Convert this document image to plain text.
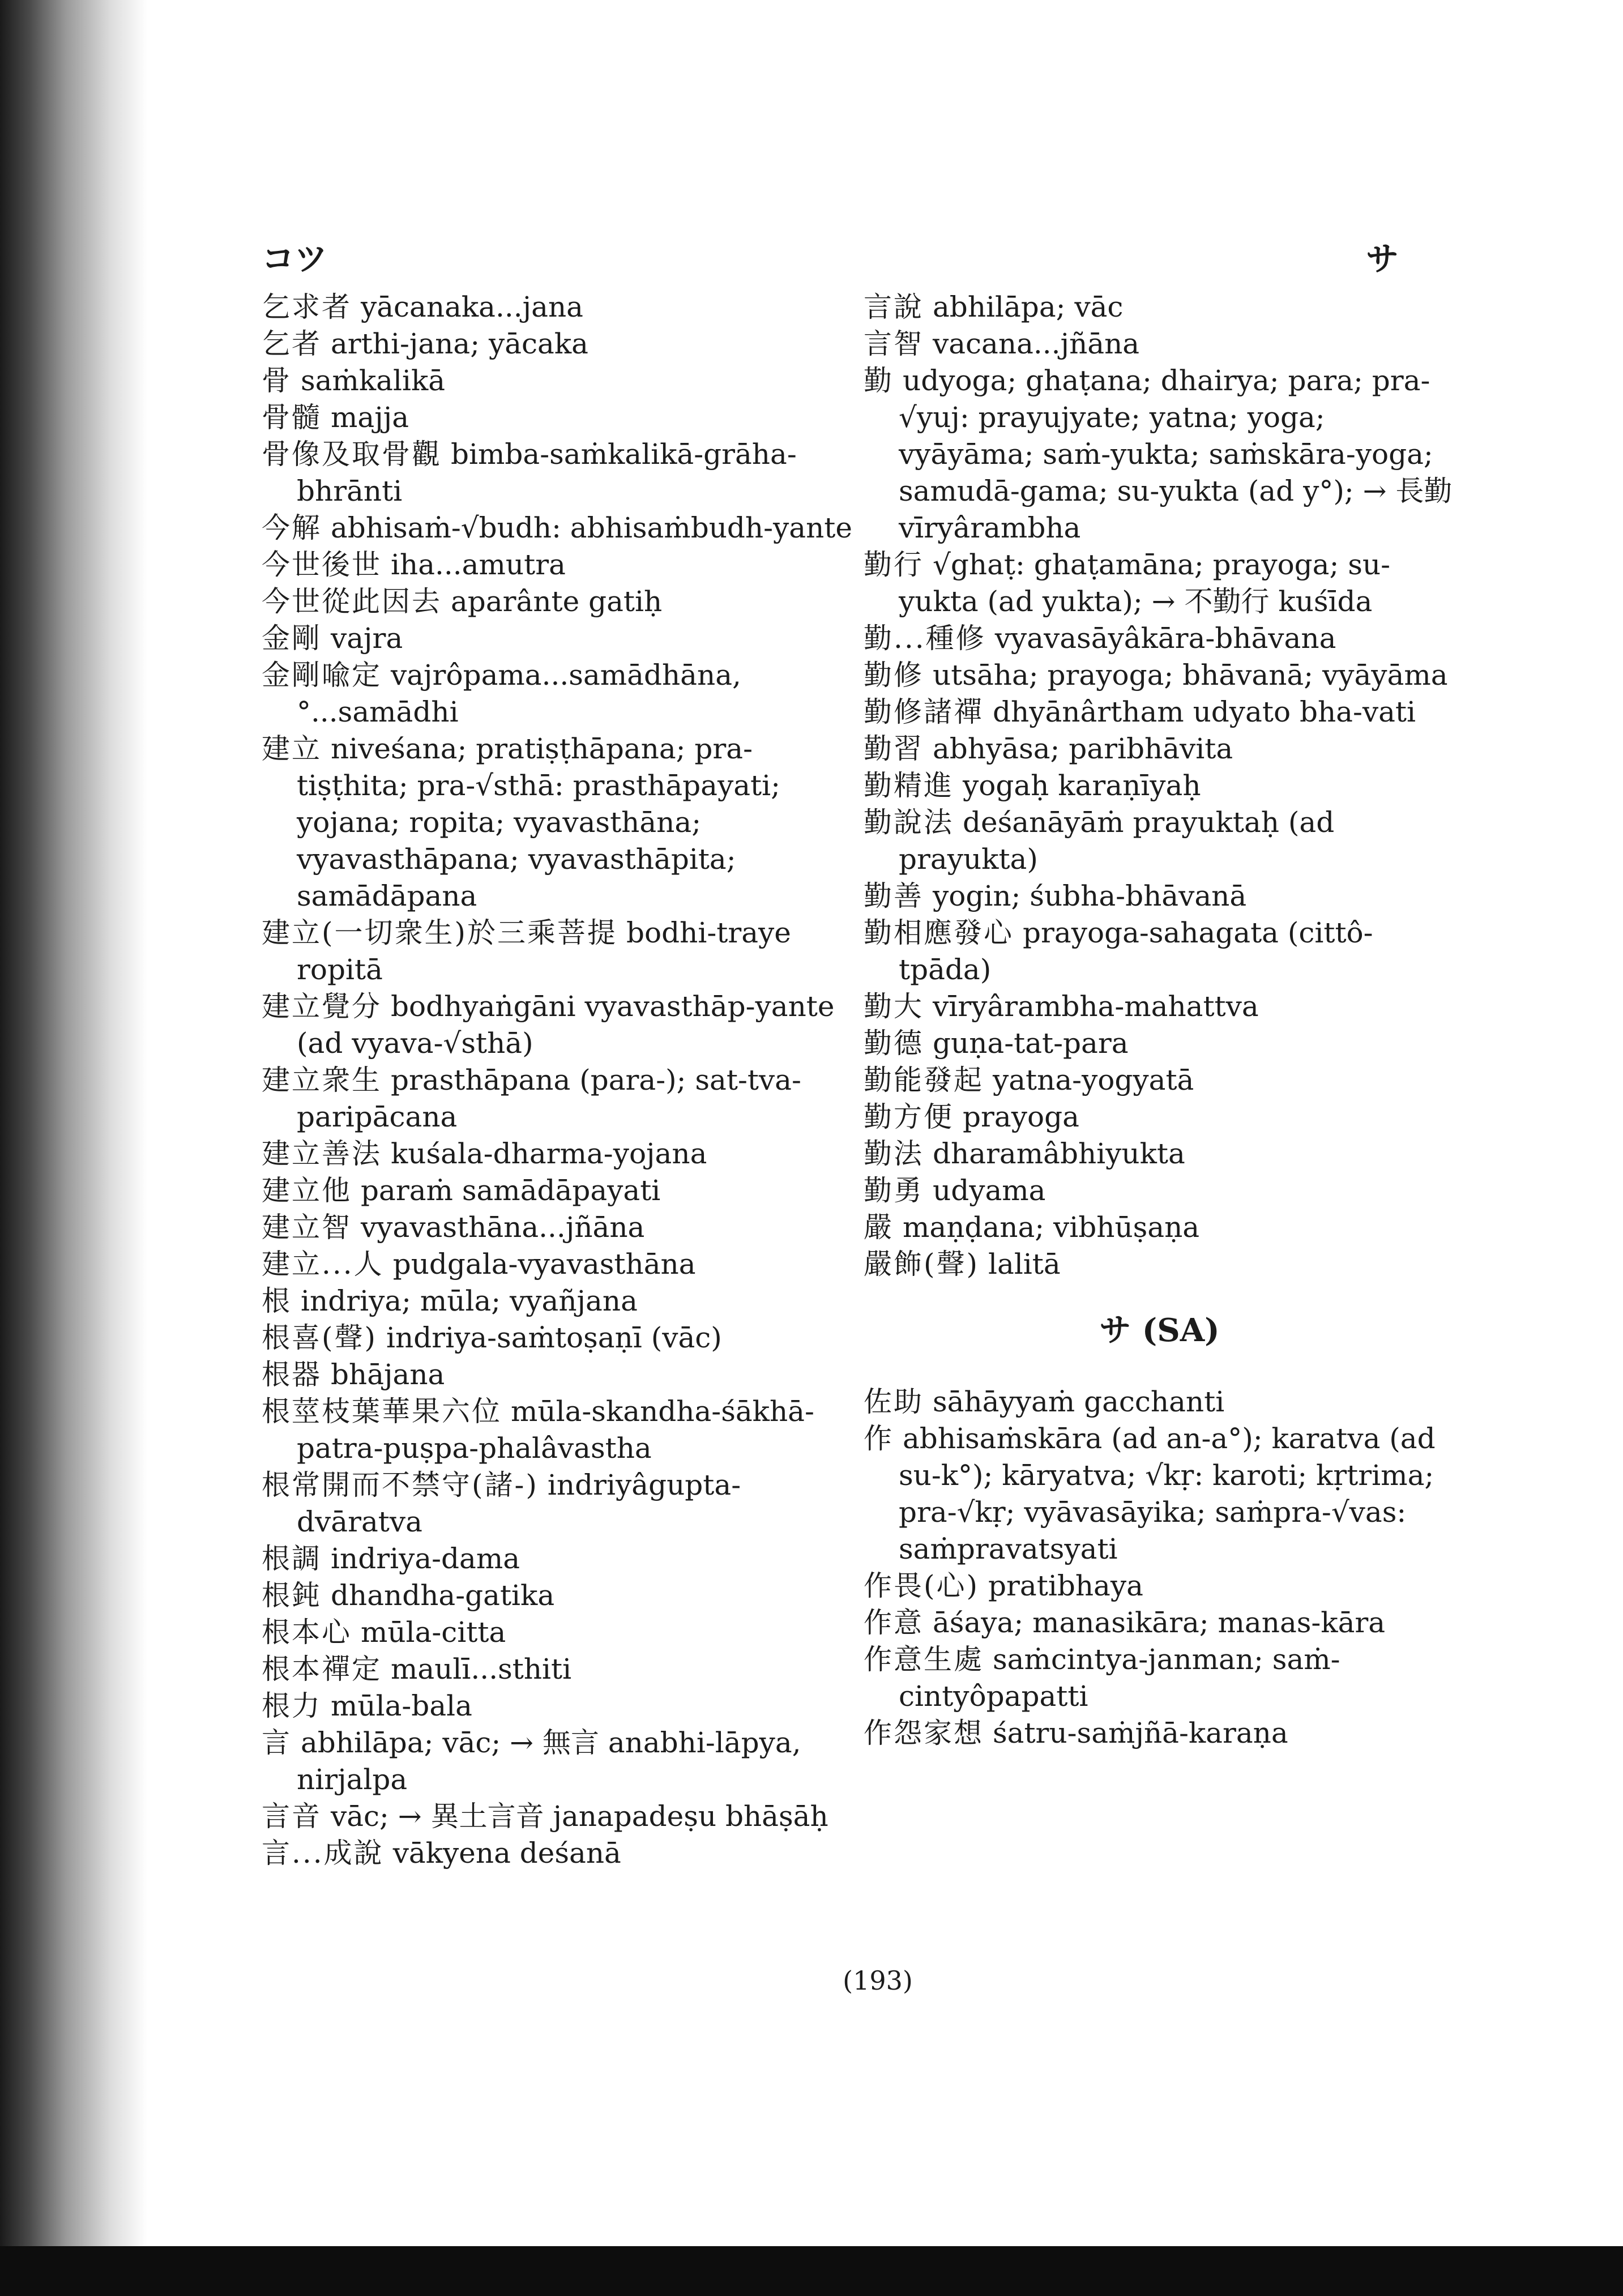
コツ	サ

乞求者 yācanaka...jana

乞者 arthi-jana; yācaka

骨 saṁkalikā

骨髓 majja

骨像及取骨觀 bimba-saṁkalikā-grāha-bhrānti

今解 abhisaṁ-√budh: abhisaṁbudh-yante

今世後世 iha...amutra

今世從此因去 aparânte gatiḥ

金剛 vajra

金剛喩定 vajrôpama...samādhāna, °...samādhi

建立 niveśana; pratiṣṭhāpana; pra-tiṣṭhita; pra-√sthā: prasthāpayati; yojana; ropita; vyavasthāna; vyavasthāpana; vyavasthāpita; samādāpana

建立(一切衆生)於三乘菩提 bodhi-traye ropitā

建立覺分 bodhyaṅgāni vyavasthāp-yante (ad vyava-√sthā)

建立衆生 prasthāpana (para-); sat-tva-paripācana

建立善法 kuśala-dharma-yojana

建立他 paraṁ samādāpayati

建立智 vyavasthāna...jñāna

建立...人 pudgala-vyavasthāna

根 indriya; mūla; vyañjana

根喜(聲) indriya-saṁtoṣaṇī (vāc)

根器 bhājana

根莖枝葉華果六位 mūla-skandha-śākhā-patra-puṣpa-phalâvastha

根常開而不禁守(諸-) indriyâgupta-dvāratva

根調 indriya-dama

根鈍 dhandha-gatika

根本心 mūla-citta

根本禪定 maulī...sthiti

根力 mūla-bala

言 abhilāpa; vāc; → 無言 anabhi-lāpya, nirjalpa

言音 vāc; → 異土言音 janapadeṣu bhāṣāḥ

言...成說 vākyena deśanā

言說 abhilāpa; vāc

言智 vacana...jñāna

勤 udyoga; ghaṭana; dhairya; para; pra-√yuj: prayujyate; yatna; yoga; vyāyāma; saṁ-yukta; saṁskāra-yoga; samudā-gama; su-yukta (ad y°); → 長勤 vīryârambha

勤行 √ghaṭ: ghaṭamāna; prayoga; su-yukta (ad yukta); → 不勤行 kuśīda

勤...種修 vyavasāyâkāra-bhāvana

勤修 utsāha; prayoga; bhāvanā; vyāyāma

勤修諸禪 dhyānârtham udyato bha-vati

勤習 abhyāsa; paribhāvita

勤精進 yogaḥ karaṇīyaḥ

勤說法 deśanāyāṁ prayuktaḥ (ad prayukta)

勤善 yogin; śubha-bhāvanā

勤相應發心 prayoga-sahagata (cittô-tpāda)

勤大 vīryârambha-mahattva

勤德 guṇa-tat-para

勤能發起 yatna-yogyatā

勤方便 prayoga

勤法 dharamâbhiyukta

勤勇 udyama

嚴 maṇḍana; vibhūṣaṇa

嚴飾(聲) lalitā

サ (SA)

佐助 sāhāyyaṁ gacchanti

作 abhisaṁskāra (ad an-a°); karatva (ad su-k°); kāryatva; √kṛ: karoti; kṛtrima; pra-√kṛ; vyāvasāyika; saṁpra-√vas: saṁpravatsyati

作畏(心) pratibhaya

作意 āśaya; manasikāra; manas-kāra

作意生處 saṁcintya-janman; saṁ-cintyôpapatti

作怨家想 śatru-saṁjñā-karaṇa

(193)
